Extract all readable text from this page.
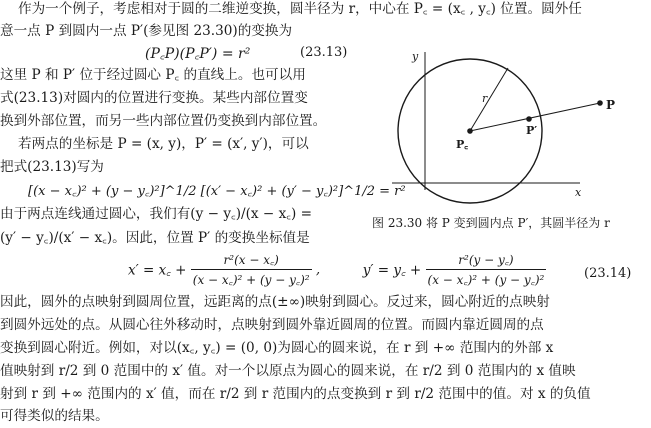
作为一个例子，考虑相对于圆的二维逆变换，圆半径为 r，中心在 P꜀ = (x꜀ , y꜀) 位置。圆外任
意一点 P 到圆内一点 P′(参见图 23.30)的变换为
(P꜀P)(P꜀P′) = r²	(23.13)
这里 P 和 P′ 位于经过圆心 P꜀ 的直线上。也可以用
式(23.13)对圆内的位置进行变换。某些内部位置变
换到外部位置，而另一些内部位置仍变换到内部位置。
若两点的坐标是 P = (x, y)，P′ = (x′, y′)，可以
把式(23.13)写为
[(x − x꜀)² + (y − y꜀)²]^1/2 [(x′ − x꜀)² + (y′ − y꜀)²]^1/2 = r²
由于两点连线通过圆心，我们有(y − y꜀)/(x − x꜀) =
(y′ − y꜀)/(x′ − x꜀)。因此，位置 P′ 的变换坐标值是
y
x
r	P
P′
P꜀
图 23.30 将 P 变到圆内点 P′，其圆半径为 r
x′ = x꜀ + $\frac{\text{r²(x − x꜀)}}{\text{(x − x꜀)² + (y − y꜀)²}}$ ,	y′ = y꜀ + $\frac{\text{r²(y − y꜀)}}{\text{(x − x꜀)² + (y − y꜀)²}}$	(23.14)
因此，圆外的点映射到圆周位置，远距离的点(±∞)映射到圆心。反过来，圆心附近的点映射
到圆外远处的点。从圆心往外移动时，点映射到圆外靠近圆周的位置。而圆内靠近圆周的点
变换到圆心附近。例如，对以(x꜀, y꜀) = (0, 0)为圆心的圆来说，在 r 到 +∞ 范围内的外部 x
值映射到 r/2 到 0 范围中的 x′ 值。对一个以原点为圆心的圆来说，在 r/2 到 0 范围内的 x 值映
射到 r 到 +∞ 范围内的 x′ 值，而在 r/2 到 r 范围内的点变换到 r 到 r/2 范围中的值。对 x 的负值
可得类似的结果。
